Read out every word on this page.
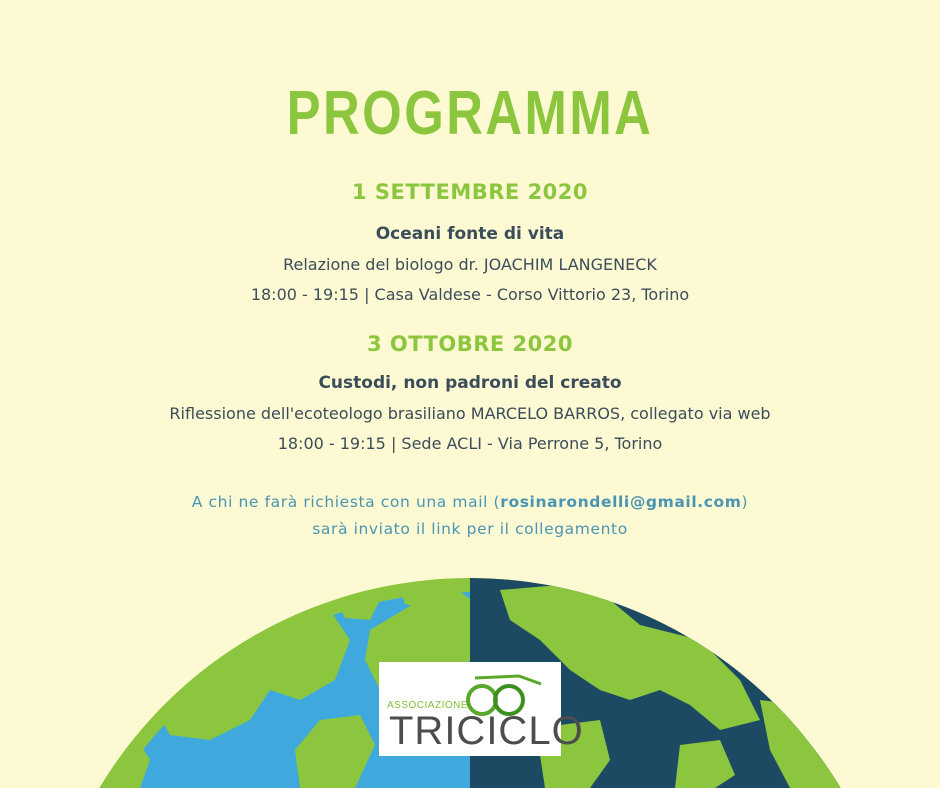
PROGRAMMA
1 SETTEMBRE 2020
Oceani fonte di vita
Relazione del biologo dr. JOACHIM LANGENECK
18:00 - 19:15 | Casa Valdese - Corso Vittorio 23, Torino
3 OTTOBRE 2020
Custodi, non padroni del creato
Riflessione dell'ecoteologo brasiliano MARCELO BARROS, collegato via web
18:00 - 19:15 | Sede ACLI - Via Perrone 5, Torino
A chi ne farà richiesta con una mail (rosinarondelli@gmail.com)
sarà inviato il link per il collegamento
ASSOCIAZIONE
TRICICLO
